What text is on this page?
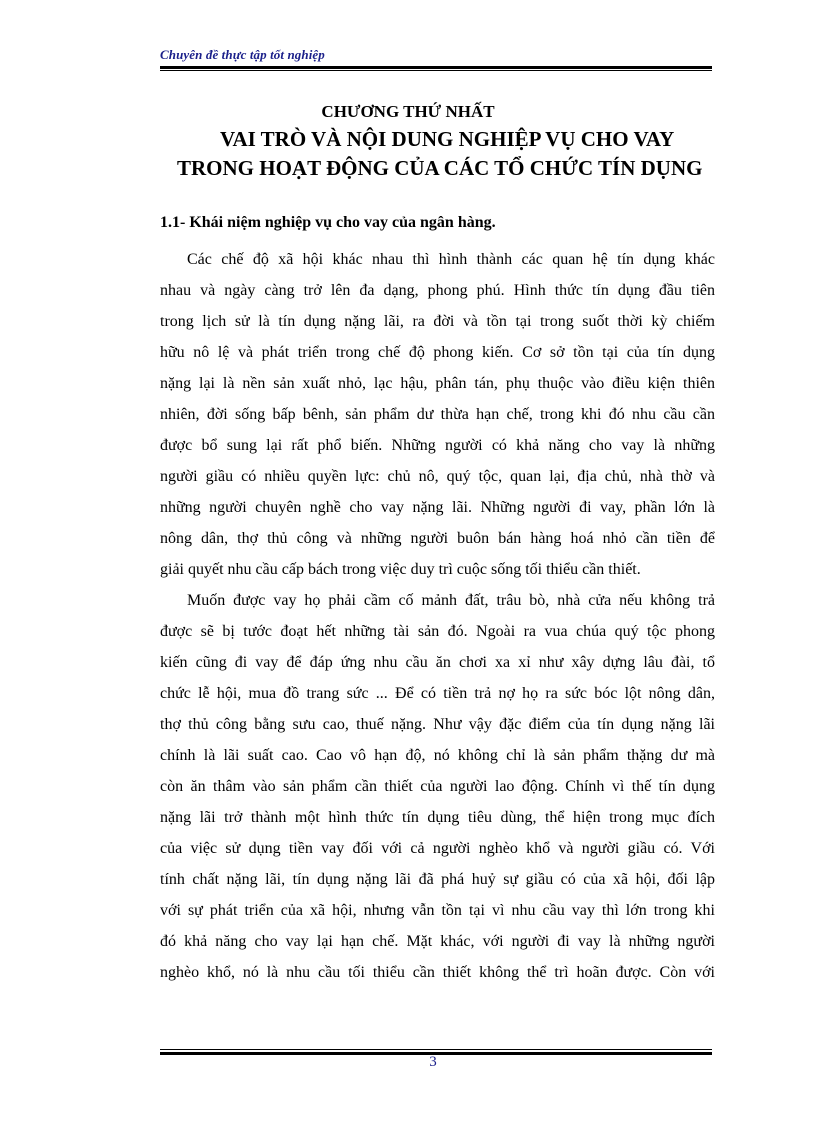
Chuyên đề thực tập tốt nghiệp
CHƯƠNG THỨ NHẤT
VAI TRÒ VÀ NỘI DUNG NGHIỆP VỤ CHO VAY
TRONG HOẠT ĐỘNG CỦA CÁC TỔ CHỨC TÍN DỤNG
1.1- Khái niệm nghiệp vụ cho vay của ngân hàng.
Các chế độ xã hội khác nhau thì hình thành các quan hệ tín dụng khác
nhau và ngày càng trở lên đa dạng, phong phú. Hình thức tín dụng đầu tiên
trong lịch sử là tín dụng nặng lãi, ra đời và tồn tại trong suốt thời kỳ chiếm
hữu nô lệ và phát triển trong chế độ phong kiến. Cơ sở tồn tại của tín dụng
nặng lại là nền sản xuất nhỏ, lạc hậu, phân tán, phụ thuộc vào điều kiện thiên
nhiên, đời sống bấp bênh, sản phẩm dư thừa hạn chế, trong khi đó nhu cầu cần
được bổ sung lại rất phổ biến. Những người có khả năng cho vay là những
người giầu có nhiều quyền lực: chủ nô, quý tộc, quan lại, địa chủ, nhà thờ và
những người chuyên nghề cho vay nặng lãi. Những người đi vay, phần lớn là
nông dân, thợ thủ công và những người buôn bán hàng hoá nhỏ cần tiền để
giải quyết nhu cầu cấp bách trong việc duy trì cuộc sống tối thiểu cần thiết.
Muốn được vay họ phải cầm cố mảnh đất, trâu bò, nhà cửa nếu không trả
được sẽ bị tước đoạt hết những tài sản đó. Ngoài ra vua chúa quý tộc phong
kiến cũng đi vay để đáp ứng nhu cầu ăn chơi xa xỉ như xây dựng lâu đài, tổ
chức lễ hội, mua đồ trang sức ... Để có tiền trả nợ họ ra sức bóc lột nông dân,
thợ thủ công bằng sưu cao, thuế nặng. Như vậy đặc điểm của tín dụng nặng lãi
chính là lãi suất cao. Cao vô hạn độ, nó không chỉ là sản phẩm thặng dư mà
còn ăn thâm vào sản phẩm cần thiết của người lao động. Chính vì thế tín dụng
nặng lãi trở thành một hình thức tín dụng tiêu dùng, thể hiện trong mục đích
của việc sử dụng tiền vay đối với cả người nghèo khổ và người giầu có. Với
tính chất nặng lãi, tín dụng nặng lãi đã phá huỷ sự giầu có của xã hội, đối lập
với sự phát triển của xã hội, nhưng vẫn tồn tại vì nhu cầu vay thì lớn trong khi
đó khả năng cho vay lại hạn chế. Mặt khác, với người đi vay là những người
nghèo khổ, nó là nhu cầu tối thiểu cần thiết không thể trì hoãn được. Còn với
3
